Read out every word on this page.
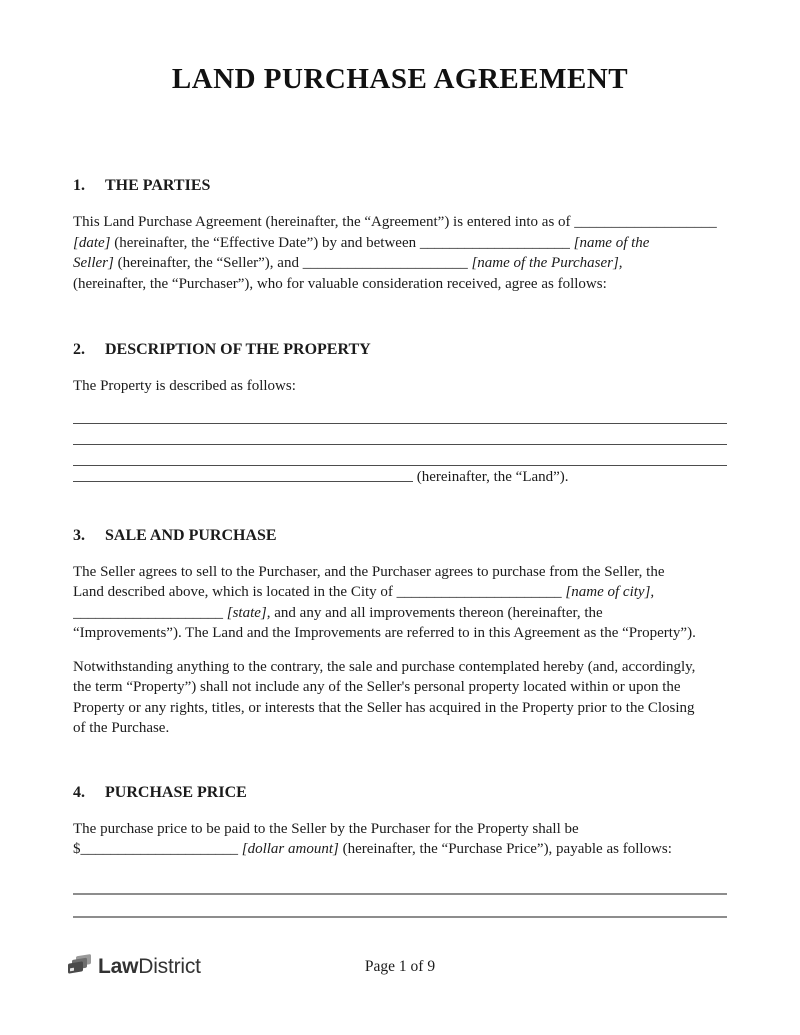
LAND PURCHASE AGREEMENT
1. THE PARTIES
This Land Purchase Agreement (hereinafter, the “Agreement”) is entered into as of ___________________
[date] (hereinafter, the “Effective Date”) by and between ____________________ [name of the
Seller] (hereinafter, the “Seller”), and ______________________ [name of the Purchaser],
(hereinafter, the “Purchaser”), who for valuable consideration received, agree as follows:
2. DESCRIPTION OF THE PROPERTY
The Property is described as follows:
(hereinafter, the “Land”).
3. SALE AND PURCHASE
The Seller agrees to sell to the Purchaser, and the Purchaser agrees to purchase from the Seller, the
Land described above, which is located in the City of ______________________ [name of city],
____________________ [state], and any and all improvements thereon (hereinafter, the
“Improvements”). The Land and the Improvements are referred to in this Agreement as the “Property”).
Notwithstanding anything to the contrary, the sale and purchase contemplated hereby (and, accordingly,
the term “Property”) shall not include any of the Seller's personal property located within or upon the
Property or any rights, titles, or interests that the Seller has acquired in the Property prior to the Closing
of the Purchase.
4. PURCHASE PRICE
The purchase price to be paid to the Seller by the Purchaser for the Property shall be
$_____________________ [dollar amount] (hereinafter, the “Purchase Price”), payable as follows:
Law District	Page 1 of 9
